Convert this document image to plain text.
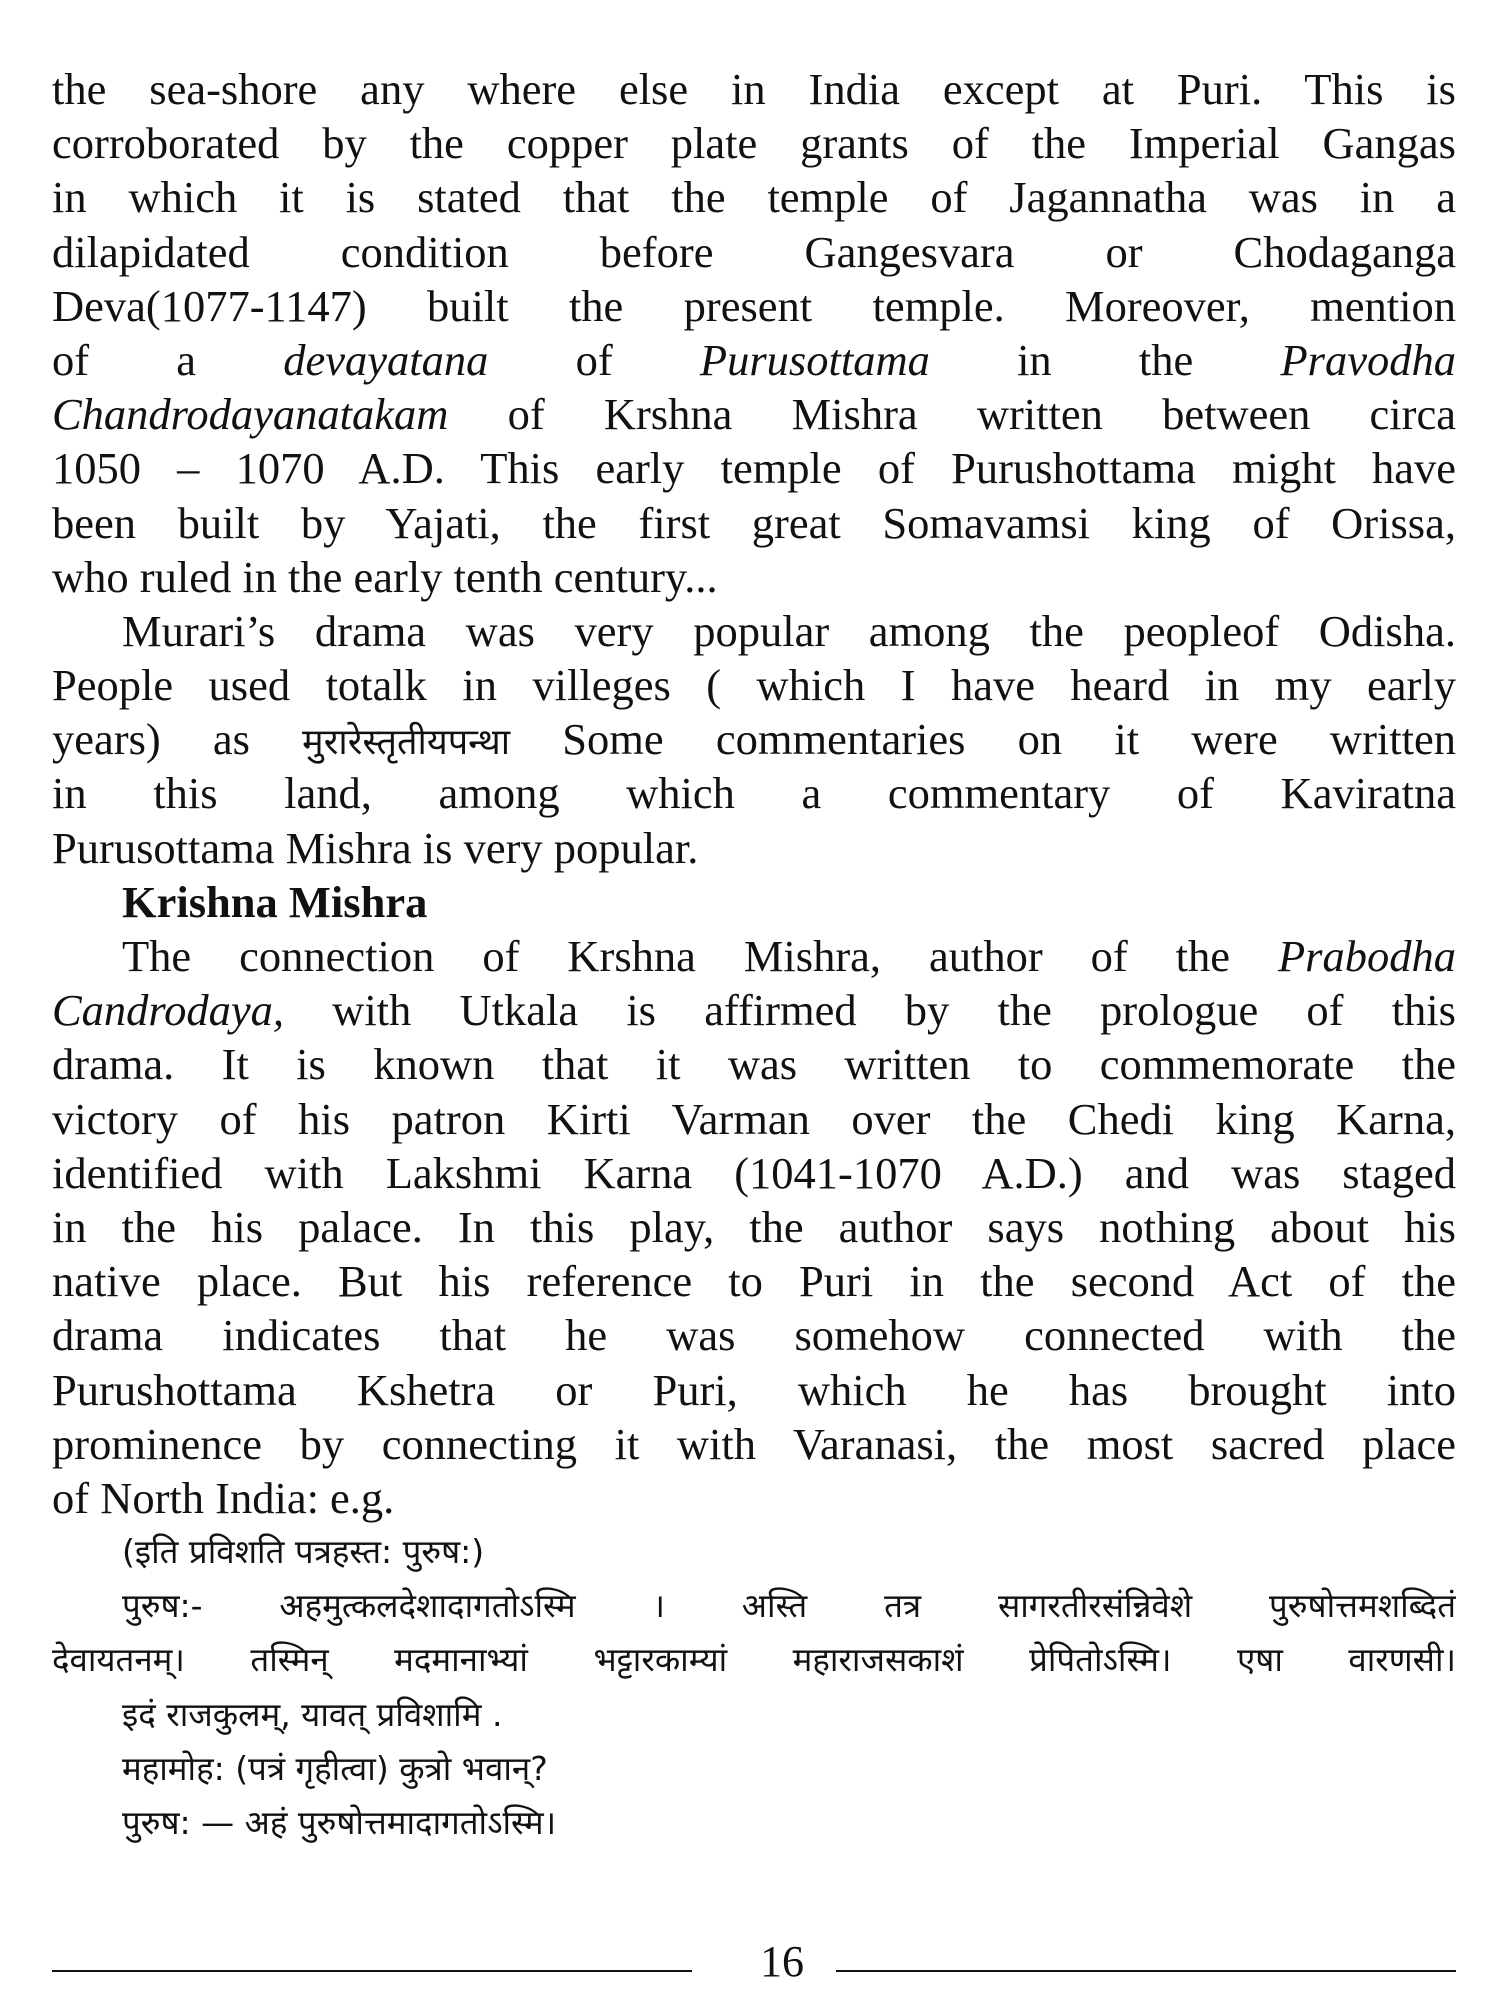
the sea-shore any where else in India except at Puri. This is
corroborated by the copper plate grants of the Imperial Gangas
in which it is stated that the temple of Jagannatha was in a
dilapidated condition before Gangesvara or Chodaganga
Deva(1077-1147) built the present temple. Moreover, mention
of a devayatana of Purusottama in the Pravodha
Chandrodayanatakam of Krshna Mishra written between circa
1050 – 1070 A.D. This early temple of Purushottama might have
been built by Yajati, the first great Somavamsi king of Orissa,
who ruled in the early tenth century...
Murari’s drama was very popular among the peopleof Odisha.
People used totalk in villeges ( which I have heard in my early
years) as मुरारेस्तृतीयपन्था Some commentaries on it were written
in this land, among which a commentary of Kaviratna
Purusottama Mishra is very popular.
Krishna Mishra
The connection of Krshna Mishra, author of the Prabodha
Candrodaya, with Utkala is affirmed by the prologue of this
drama. It is known that it was written to commemorate the
victory of his patron Kirti Varman over the Chedi king Karna,
identified with Lakshmi Karna (1041-1070 A.D.) and was staged
in the his palace. In this play, the author says nothing about his
native place. But his reference to Puri in the second Act of the
drama indicates that he was somehow connected with the
Purushottama Kshetra or Puri, which he has brought into
prominence by connecting it with Varanasi, the most sacred place
of North India: e.g.
(इति प्रविशति पत्रहस्त: पुरुष:)
पुरुष:- अहमुत्कलदेशादागतोऽस्मि । अस्ति तत्र सागरतीरसंन्निवेशे पुरुषोत्तमशब्दितं
देवायतनम्। तस्मिन् मदमानाभ्यां भट्टारकाम्यां महाराजसकाशं प्रेपितोऽस्मि। एषा वारणसी।
इदं राजकुलम्, यावत् प्रविशामि .
महामोह: (पत्रं गृहीत्वा) कुत्रो भवान्?
पुरुष: — अहं पुरुषोत्तमादागतोऽस्मि।
16
